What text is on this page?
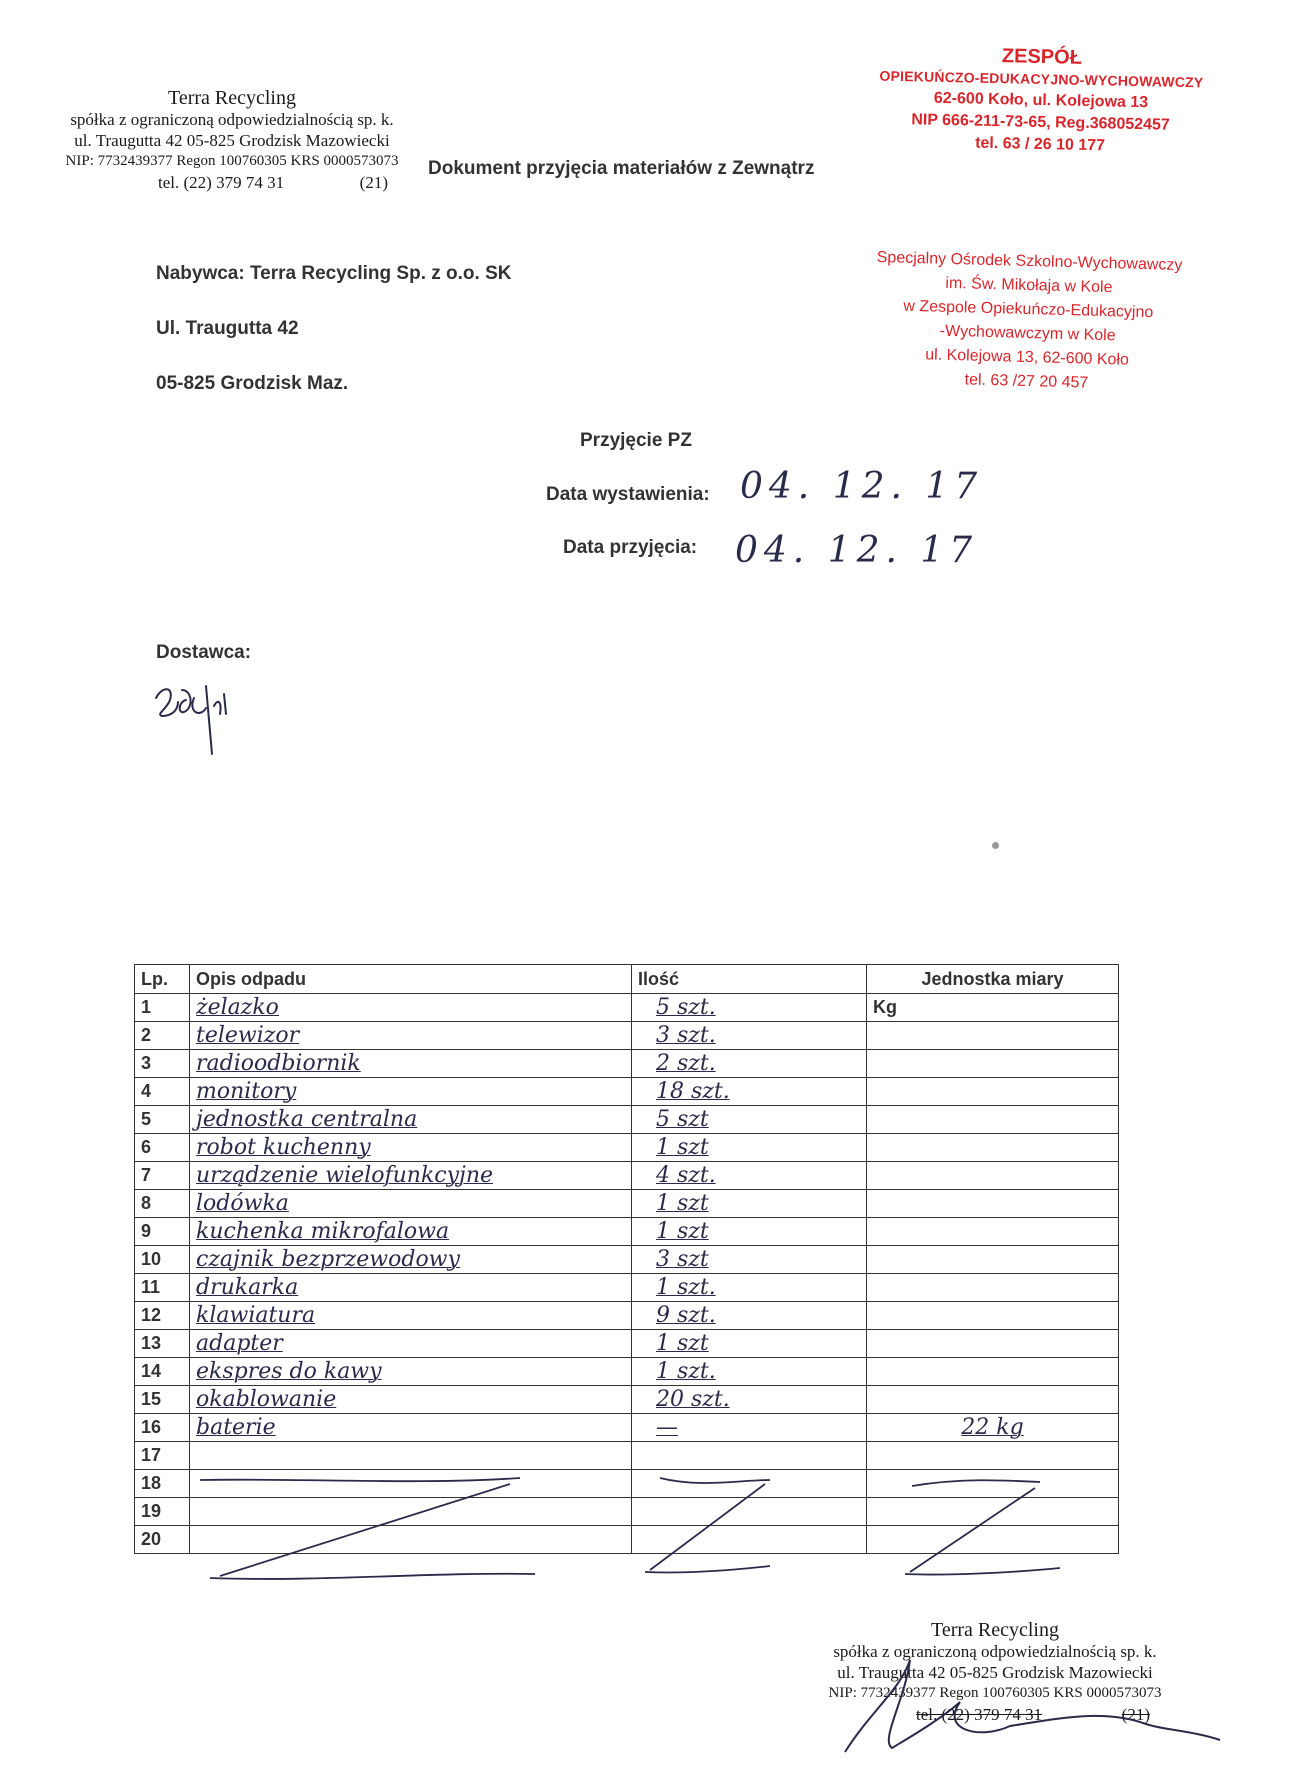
Terra Recycling
spółka z ograniczoną odpowiedzialnością sp. k.
ul. Traugutta 42 05-825 Grodzisk Mazowiecki
NIP: 7732439377 Regon 100760305 KRS 0000573073
tel. (22) 379 74 31	(21)
Dokument przyjęcia materiałów z Zewnątrz
ZESPÓŁ
OPIEKUŃCZO-EDUKACYJNO-WYCHOWAWCZY
62-600 Koło, ul. Kolejowa 13
NIP 666-211-73-65, Reg.368052457
tel. 63 / 26 10 177
Specjalny Ośrodek Szkolno-Wychowawczy
im. Św. Mikołaja w Kole
w Zespole Opiekuńczo-Edukacyjno
-Wychowawczym w Kole
ul. Kolejowa 13, 62-600 Koło
tel. 63 /27 20 457
Nabywca: Terra Recycling Sp. z o.o. SK
Ul. Traugutta 42
05-825 Grodzisk Maz.
Przyjęcie PZ
Data wystawienia: 04. 12. 17
Data przyjęcia: 04. 12. 17
Dostawca:
Lp.	Opis odpadu	Ilość	Jednostka miary
1	żelazko	5 szt.	Kg
2	telewizor	3 szt.	
3	radioodbiornik	2 szt.	
4	monitory	18 szt.	
5	jednostka centralna	5 szt	
6	robot kuchenny	1 szt	
7	urządzenie wielofunkcyjne	4 szt.	
8	lodówka	1 szt	
9	kuchenka mikrofalowa	1 szt	
10	czajnik bezprzewodowy	3 szt	
11	drukarka	1 szt.	
12	klawiatura	9 szt.	
13	adapter	1 szt	
14	ekspres do kawy	1 szt.	
15	okablowanie	20 szt.	
16	baterie	—	22 kg
17			
18			
19			
20			
Terra Recycling
spółka z ograniczoną odpowiedzialnością sp. k.
ul. Traugutta 42 05-825 Grodzisk Mazowiecki
NIP: 7732439377 Regon 100760305 KRS 0000573073
tel. (22) 379 74 31	(21)
